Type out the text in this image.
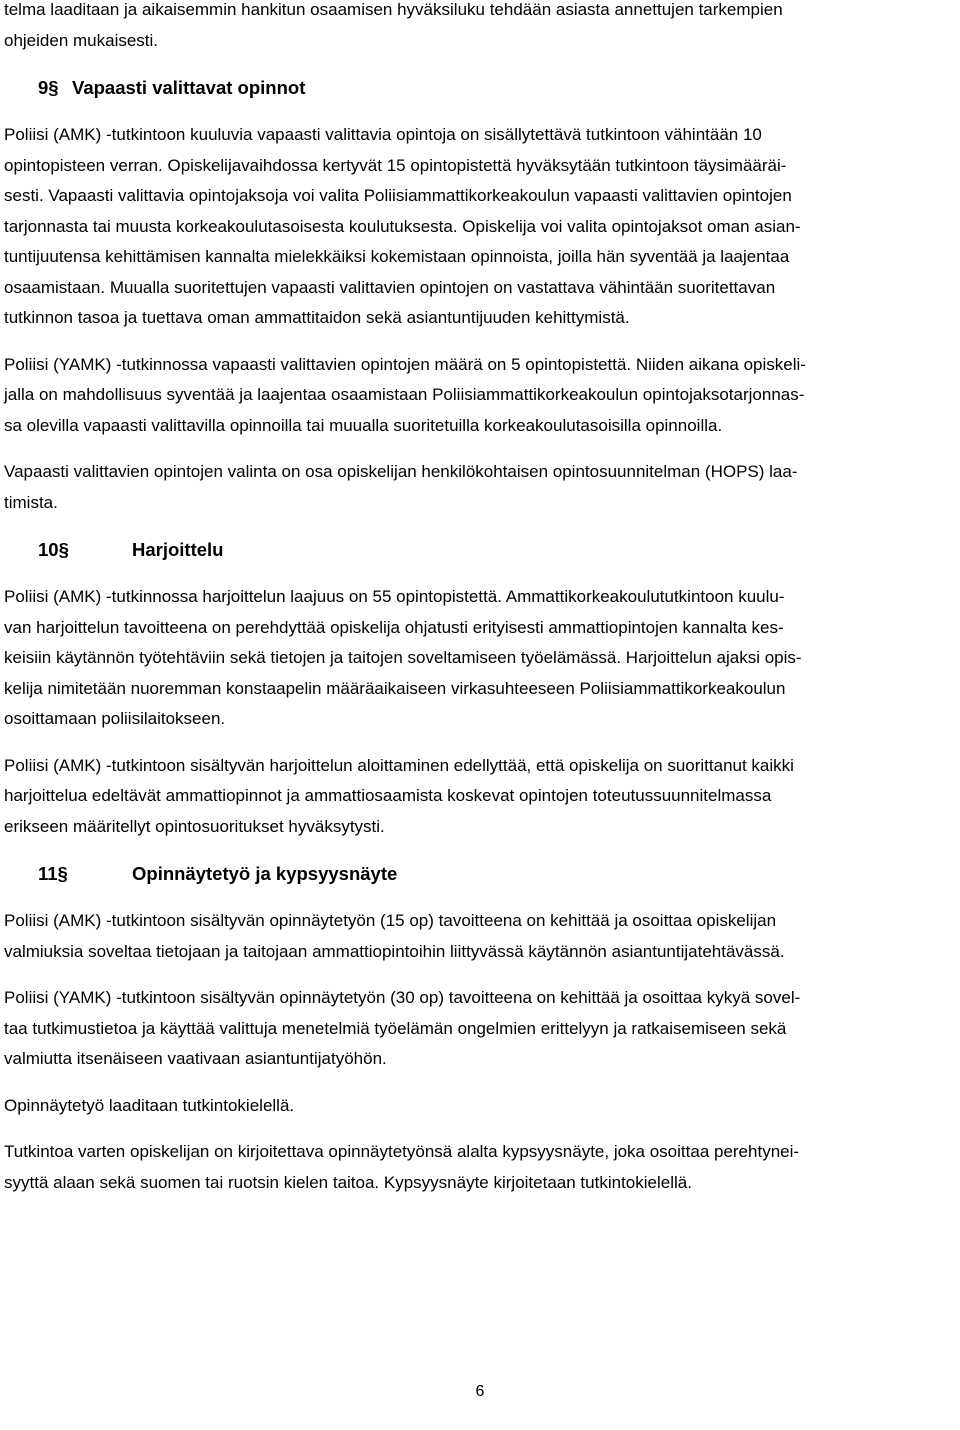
telma laaditaan ja aikaisemmin hankitun osaamisen hyväksiluku tehdään asiasta annettujen tarkempien
ohjeiden mukaisesti.

9§ Vapaasti valittavat opinnot

Poliisi (AMK) -tutkintoon kuuluvia vapaasti valittavia opintoja on sisällytettävä tutkintoon vähintään 10
opintopisteen verran. Opiskelijavaihdossa kertyvät 15 opintopistettä hyväksytään tutkintoon täysimääräi-
sesti. Vapaasti valittavia opintojaksoja voi valita Poliisiammattikorkeakoulun vapaasti valittavien opintojen
tarjonnasta tai muusta korkeakoulutasoisesta koulutuksesta. Opiskelija voi valita opintojaksot oman asian-
tuntijuutensa kehittämisen kannalta mielekkäiksi kokemistaan opinnoista, joilla hän syventää ja laajentaa
osaamistaan. Muualla suoritettujen vapaasti valittavien opintojen on vastattava vähintään suoritettavan
tutkinnon tasoa ja tuettava oman ammattitaidon sekä asiantuntijuuden kehittymistä.

Poliisi (YAMK) -tutkinnossa vapaasti valittavien opintojen määrä on 5 opintopistettä. Niiden aikana opiskeli-
jalla on mahdollisuus syventää ja laajentaa osaamistaan Poliisiammattikorkeakoulun opintojaksotarjonnas-
sa olevilla vapaasti valittavilla opinnoilla tai muualla suoritetuilla korkeakoulutasoisilla opinnoilla.

Vapaasti valittavien opintojen valinta on osa opiskelijan henkilökohtaisen opintosuunnitelman (HOPS) laa-
timista.

10§	Harjoittelu

Poliisi (AMK) -tutkinnossa harjoittelun laajuus on 55 opintopistettä. Ammattikorkeakoulututkintoon kuulu-
van harjoittelun tavoitteena on perehdyttää opiskelija ohjatusti erityisesti ammattiopintojen kannalta kes-
keisiin käytännön työtehtäviin sekä tietojen ja taitojen soveltamiseen työelämässä. Harjoittelun ajaksi opis-
kelija nimitetään nuoremman konstaapelin määräaikaiseen virkasuhteeseen Poliisiammattikorkeakoulun
osoittamaan poliisilaitokseen.

Poliisi (AMK) -tutkintoon sisältyvän harjoittelun aloittaminen edellyttää, että opiskelija on suorittanut kaikki
harjoittelua edeltävät ammattiopinnot ja ammattiosaamista koskevat opintojen toteutussuunnitelmassa
erikseen määritellyt opintosuoritukset hyväksytysti.

11§	Opinnäytetyö ja kypsyysnäyte

Poliisi (AMK) -tutkintoon sisältyvän opinnäytetyön (15 op) tavoitteena on kehittää ja osoittaa opiskelijan
valmiuksia soveltaa tietojaan ja taitojaan ammattiopintoihin liittyvässä käytännön asiantuntijatehtävässä.

Poliisi (YAMK) -tutkintoon sisältyvän opinnäytetyön (30 op) tavoitteena on kehittää ja osoittaa kykyä sovel-
taa tutkimustietoa ja käyttää valittuja menetelmiä työelämän ongelmien erittelyyn ja ratkaisemiseen sekä
valmiutta itsenäiseen vaativaan asiantuntijatyöhön.

Opinnäytetyö laaditaan tutkintokielellä.

Tutkintoa varten opiskelijan on kirjoitettava opinnäytetyönsä alalta kypsyysnäyte, joka osoittaa perehtynei-
syyttä alaan sekä suomen tai ruotsin kielen taitoa. Kypsyysnäyte kirjoitetaan tutkintokielellä.

6
